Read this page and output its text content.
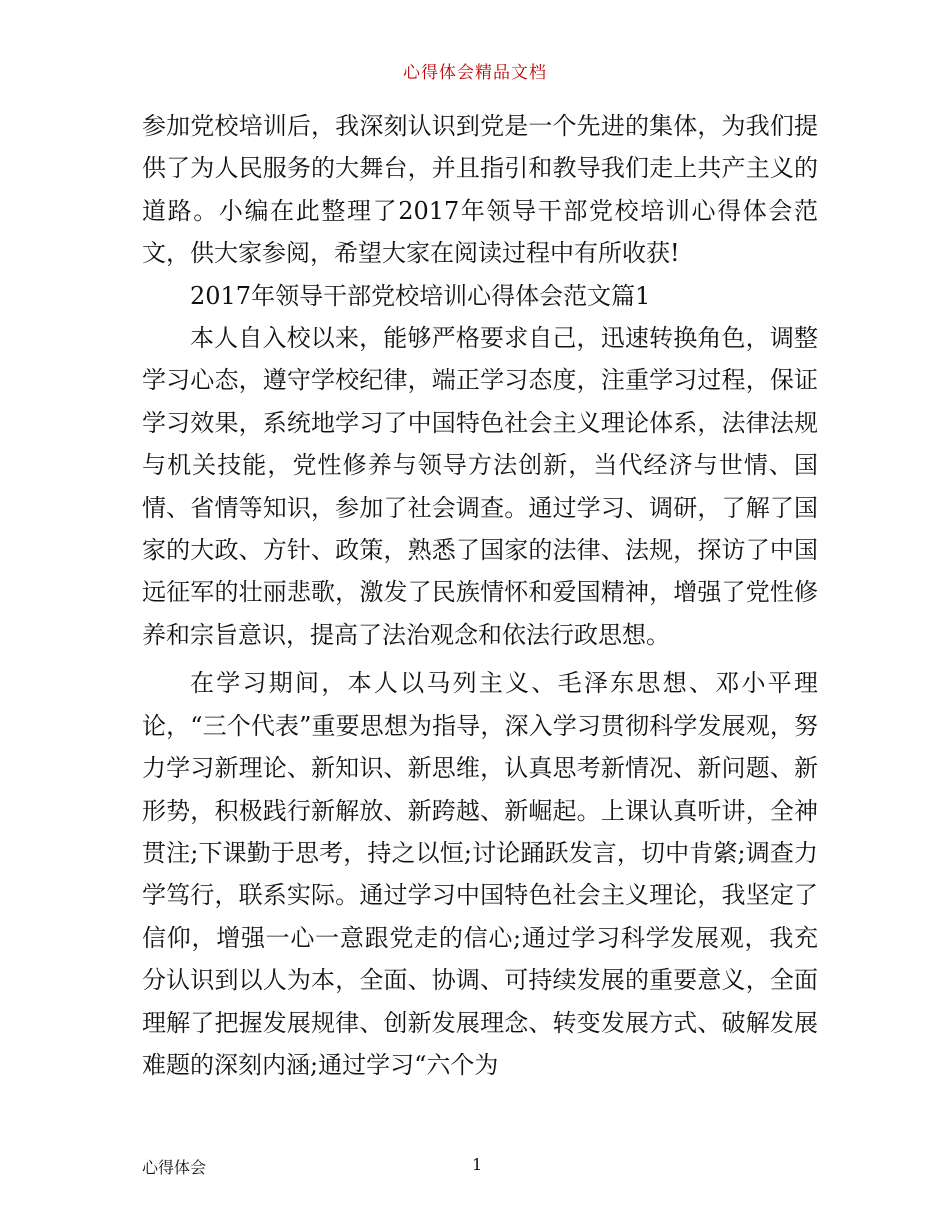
心得体会精品文档

参加党校培训后，我深刻认识到党是一个先进的集体，为我们提供了为人民服务的大舞台，并且指引和教导我们走上共产主义的道路。小编在此整理了2017年领导干部党校培训心得体会范文，供大家参阅，希望大家在阅读过程中有所收获!

2017年领导干部党校培训心得体会范文篇1

本人自入校以来，能够严格要求自己，迅速转换角色，调整学习心态，遵守学校纪律，端正学习态度，注重学习过程，保证学习效果，系统地学习了中国特色社会主义理论体系，法律法规与机关技能，党性修养与领导方法创新，当代经济与世情、国情、省情等知识，参加了社会调查。通过学习、调研，了解了国家的大政、方针、政策，熟悉了国家的法律、法规，探访了中国远征军的壮丽悲歌，激发了民族情怀和爱国精神，增强了党性修养和宗旨意识，提高了法治观念和依法行政思想。

在学习期间，本人以马列主义、毛泽东思想、邓小平理论，“三个代表”重要思想为指导，深入学习贯彻科学发展观，努力学习新理论、新知识、新思维，认真思考新情况、新问题、新形势，积极践行新解放、新跨越、新崛起。上课认真听讲，全神贯注;下课勤于思考，持之以恒;讨论踊跃发言，切中肯綮;调查力学笃行，联系实际。通过学习中国特色社会主义理论，我坚定了信仰，增强一心一意跟党走的信心;通过学习科学发展观，我充分认识到以人为本，全面、协调、可持续发展的重要意义，全面理解了把握发展规律、创新发展理念、转变发展方式、破解发展难题的深刻内涵;通过学习“六个为

心得体会	1
